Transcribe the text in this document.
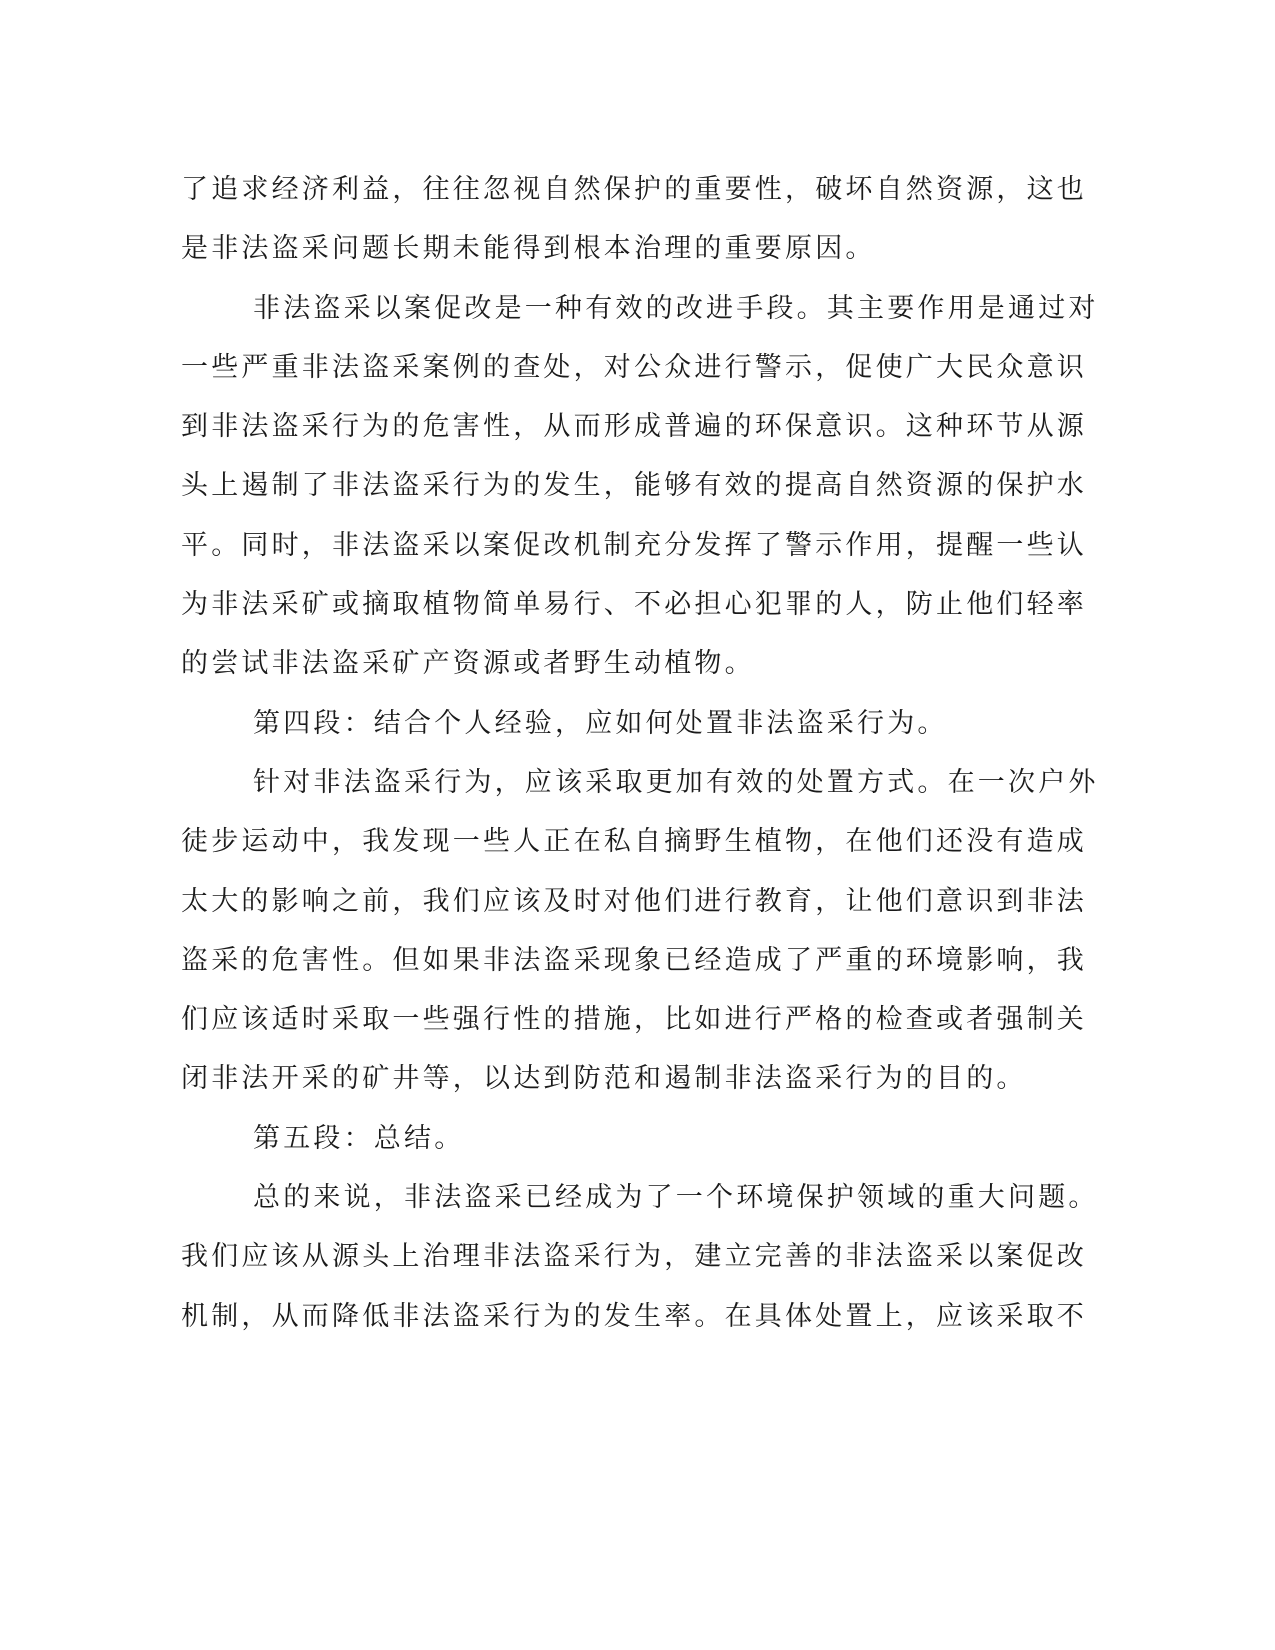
了追求经济利益，往往忽视自然保护的重要性，破坏自然资源，这也
是非法盗采问题长期未能得到根本治理的重要原因。
非法盗采以案促改是一种有效的改进手段。其主要作用是通过对
一些严重非法盗采案例的查处，对公众进行警示，促使广大民众意识
到非法盗采行为的危害性，从而形成普遍的环保意识。这种环节从源
头上遏制了非法盗采行为的发生，能够有效的提高自然资源的保护水
平。同时，非法盗采以案促改机制充分发挥了警示作用，提醒一些认
为非法采矿或摘取植物简单易行、不必担心犯罪的人，防止他们轻率
的尝试非法盗采矿产资源或者野生动植物。
第四段：结合个人经验，应如何处置非法盗采行为。
针对非法盗采行为，应该采取更加有效的处置方式。在一次户外
徒步运动中，我发现一些人正在私自摘野生植物，在他们还没有造成
太大的影响之前，我们应该及时对他们进行教育，让他们意识到非法
盗采的危害性。但如果非法盗采现象已经造成了严重的环境影响，我
们应该适时采取一些强行性的措施，比如进行严格的检查或者强制关
闭非法开采的矿井等，以达到防范和遏制非法盗采行为的目的。
第五段：总结。
总的来说，非法盗采已经成为了一个环境保护领域的重大问题。
我们应该从源头上治理非法盗采行为，建立完善的非法盗采以案促改
机制，从而降低非法盗采行为的发生率。在具体处置上，应该采取不
